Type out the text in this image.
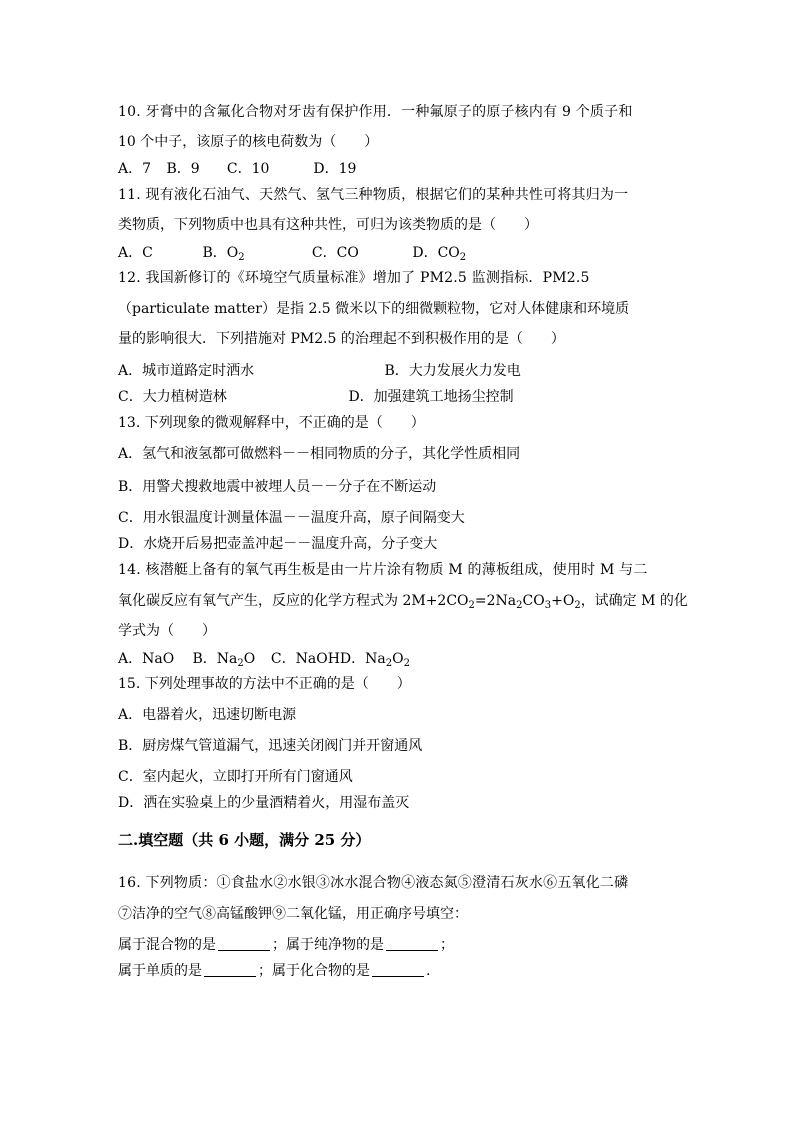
10. 牙膏中的含氟化合物对牙齿有保护作用．一种氟原子的原子核内有 9 个质子和
10 个中子，该原子的核电荷数为（　　）
A．7 B．9 C．10	D．19
11. 现有液化石油气、天然气、氢气三种物质，根据它们的某种共性可将其归为一
类物质，下列物质中也具有这种共性，可归为该类物质的是（　　）
A．C	B．$O_2$	C．CO	D．$CO_2$
12. 我国新修订的《环境空气质量标准》增加了 PM2.5 监测指标．PM2.5
（particulate matter）是指 2.5 微米以下的细微颗粒物，它对人体健康和环境质
量的影响很大．下列措施对 PM2.5 的治理起不到积极作用的是（　　）
A．城市道路定时洒水	B．大力发展火力发电
C．大力植树造林	D．加强建筑工地扬尘控制
13. 下列现象的微观解释中，不正确的是（　　）
A．氢气和液氢都可做燃料－－相同物质的分子，其化学性质相同
B．用警犬搜救地震中被埋人员－－分子在不断运动
C．用水银温度计测量体温－－温度升高，原子间隔变大
D．水烧开后易把壶盖冲起－－温度升高，分子变大
14. 核潜艇上备有的氧气再生板是由一片片涂有物质 M 的薄板组成，使用时 M 与二
氧化碳反应有氧气产生，反应的化学方程式为 $2M+2CO_2=2Na_2CO_3+O_2$，试确定 M 的化
学式为（　　）
A．NaO B．$Na_2O$ C．NaOHD．$Na_2O_2$
15. 下列处理事故的方法中不正确的是（　　）
A．电器着火，迅速切断电源
B．厨房煤气管道漏气，迅速关闭阀门并开窗通风
C．室内起火，立即打开所有门窗通风
D．洒在实验桌上的少量酒精着火，用湿布盖灭
二.填空题（共 6 小题，满分 25 分）
16. 下列物质：①食盐水②水银③冰水混合物④液态氮⑤澄清石灰水⑥五氧化二磷
⑦洁净的空气⑧高锰酸钾⑨二氧化锰，用正确序号填空：
属于混合物的是	；属于纯净物的是	；
属于单质的是	；属于化合物的是	.
